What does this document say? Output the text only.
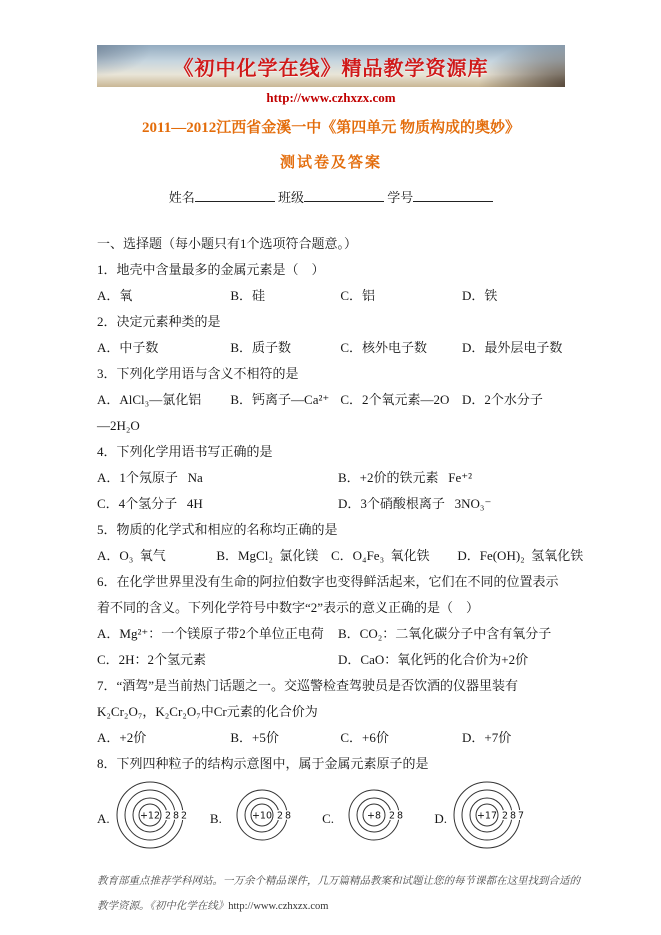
《初中化学在线》精品教学资源库
http://www.czhxzx.com
2011—2012江西省金溪一中《第四单元 物质构成的奥妙》
测试卷及答案
姓名	班级	学号

一、选择题（每小题只有1个选项符合题意。）

1．地壳中含量最多的金属元素是（　）

A．氧	B．硅	C．铝	D．铁

2．决定元素种类的是

A．中子数	B．质子数	C．核外电子数	D．最外层电子数

3．下列化学用语与含义不相符的是

A．AlCl₃—氯化铝	B．钙离子—Ca²⁺ C．2个氧元素—2O D．2个水分子

—2H₂O

4．下列化学用语书写正确的是

A．1个氖原子   Na	B．+2价的铁元素   Fe⁺²
C．4个氢分子   4H	D．3个硝酸根离子   3NO₃⁻

5．物质的化学式和相应的名称均正确的是

A．O₃  氧气	B．MgCl₂  氯化镁 C．O₄Fe₃  氧化铁	D．Fe(OH)₂  氢氧化铁

6．在化学世界里没有生命的阿拉伯数字也变得鲜活起来，它们在不同的位置表示着不同的含义。下列化学符号中数字“2”表示的意义正确的是（　）

A．Mg²⁺：一个镁原子带2个单位正电荷	B．CO₂：二氧化碳分子中含有氧分子
C．2H：2个氢元素	D．CaO：氧化钙的化合价为+2价

7．“酒驾”是当前热门话题之一。交巡警检查驾驶员是否饮酒的仪器里装有K₂Cr₂O₇，K₂Cr₂O₇中Cr元素的化合价为

A．+2价	B．+5价	C．+6价	D．+7价

8．下列四种粒子的结构示意图中，属于金属元素原子的是

A.	+12 2 8 2 B.	+10 2 8 C.	+8 2 8 D.	+17 2 8 7

教育部重点推荐学科网站。一万余个精品课件，几万篇精品教案和试题让您的每节课都在这里找到合适的

教学资源。《初中化学在线》http://www.czhxzx.com
